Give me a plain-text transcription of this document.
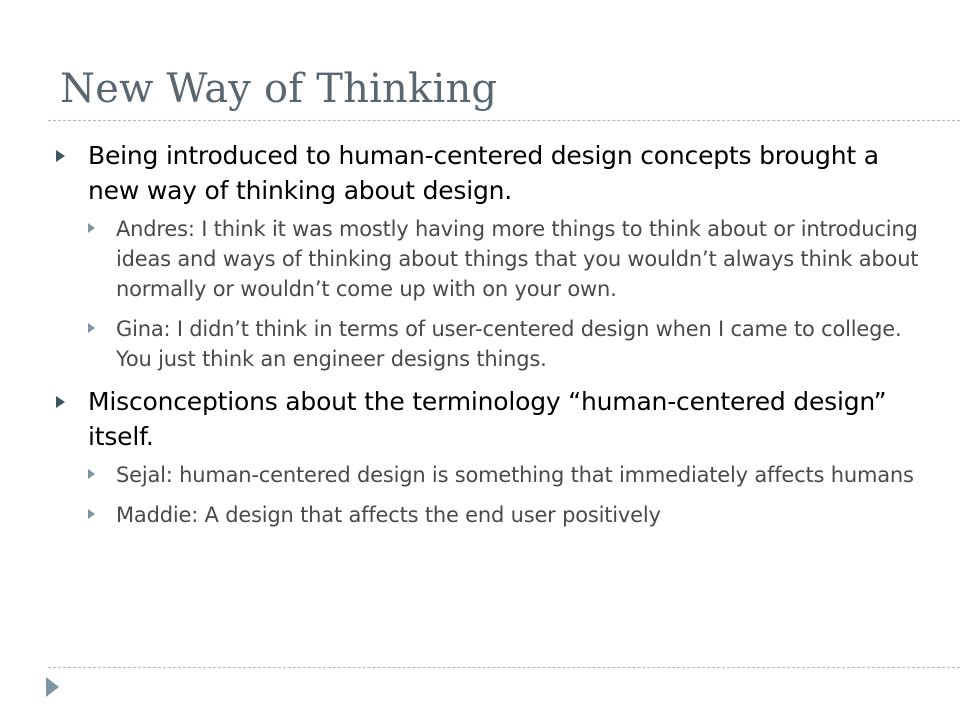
New Way of Thinking
Being introduced to human-centered design concepts brought a new way of thinking about design.
Andres: I think it was mostly having more things to think about or introducing ideas and ways of thinking about things that you wouldn’t always think about normally or wouldn’t come up with on your own.
Gina: I didn’t think in terms of user-centered design when I came to college. You just think an engineer designs things.
Misconceptions about the terminology “human-centered design” itself.
Sejal: human-centered design is something that immediately affects humans
Maddie: A design that affects the end user positively
